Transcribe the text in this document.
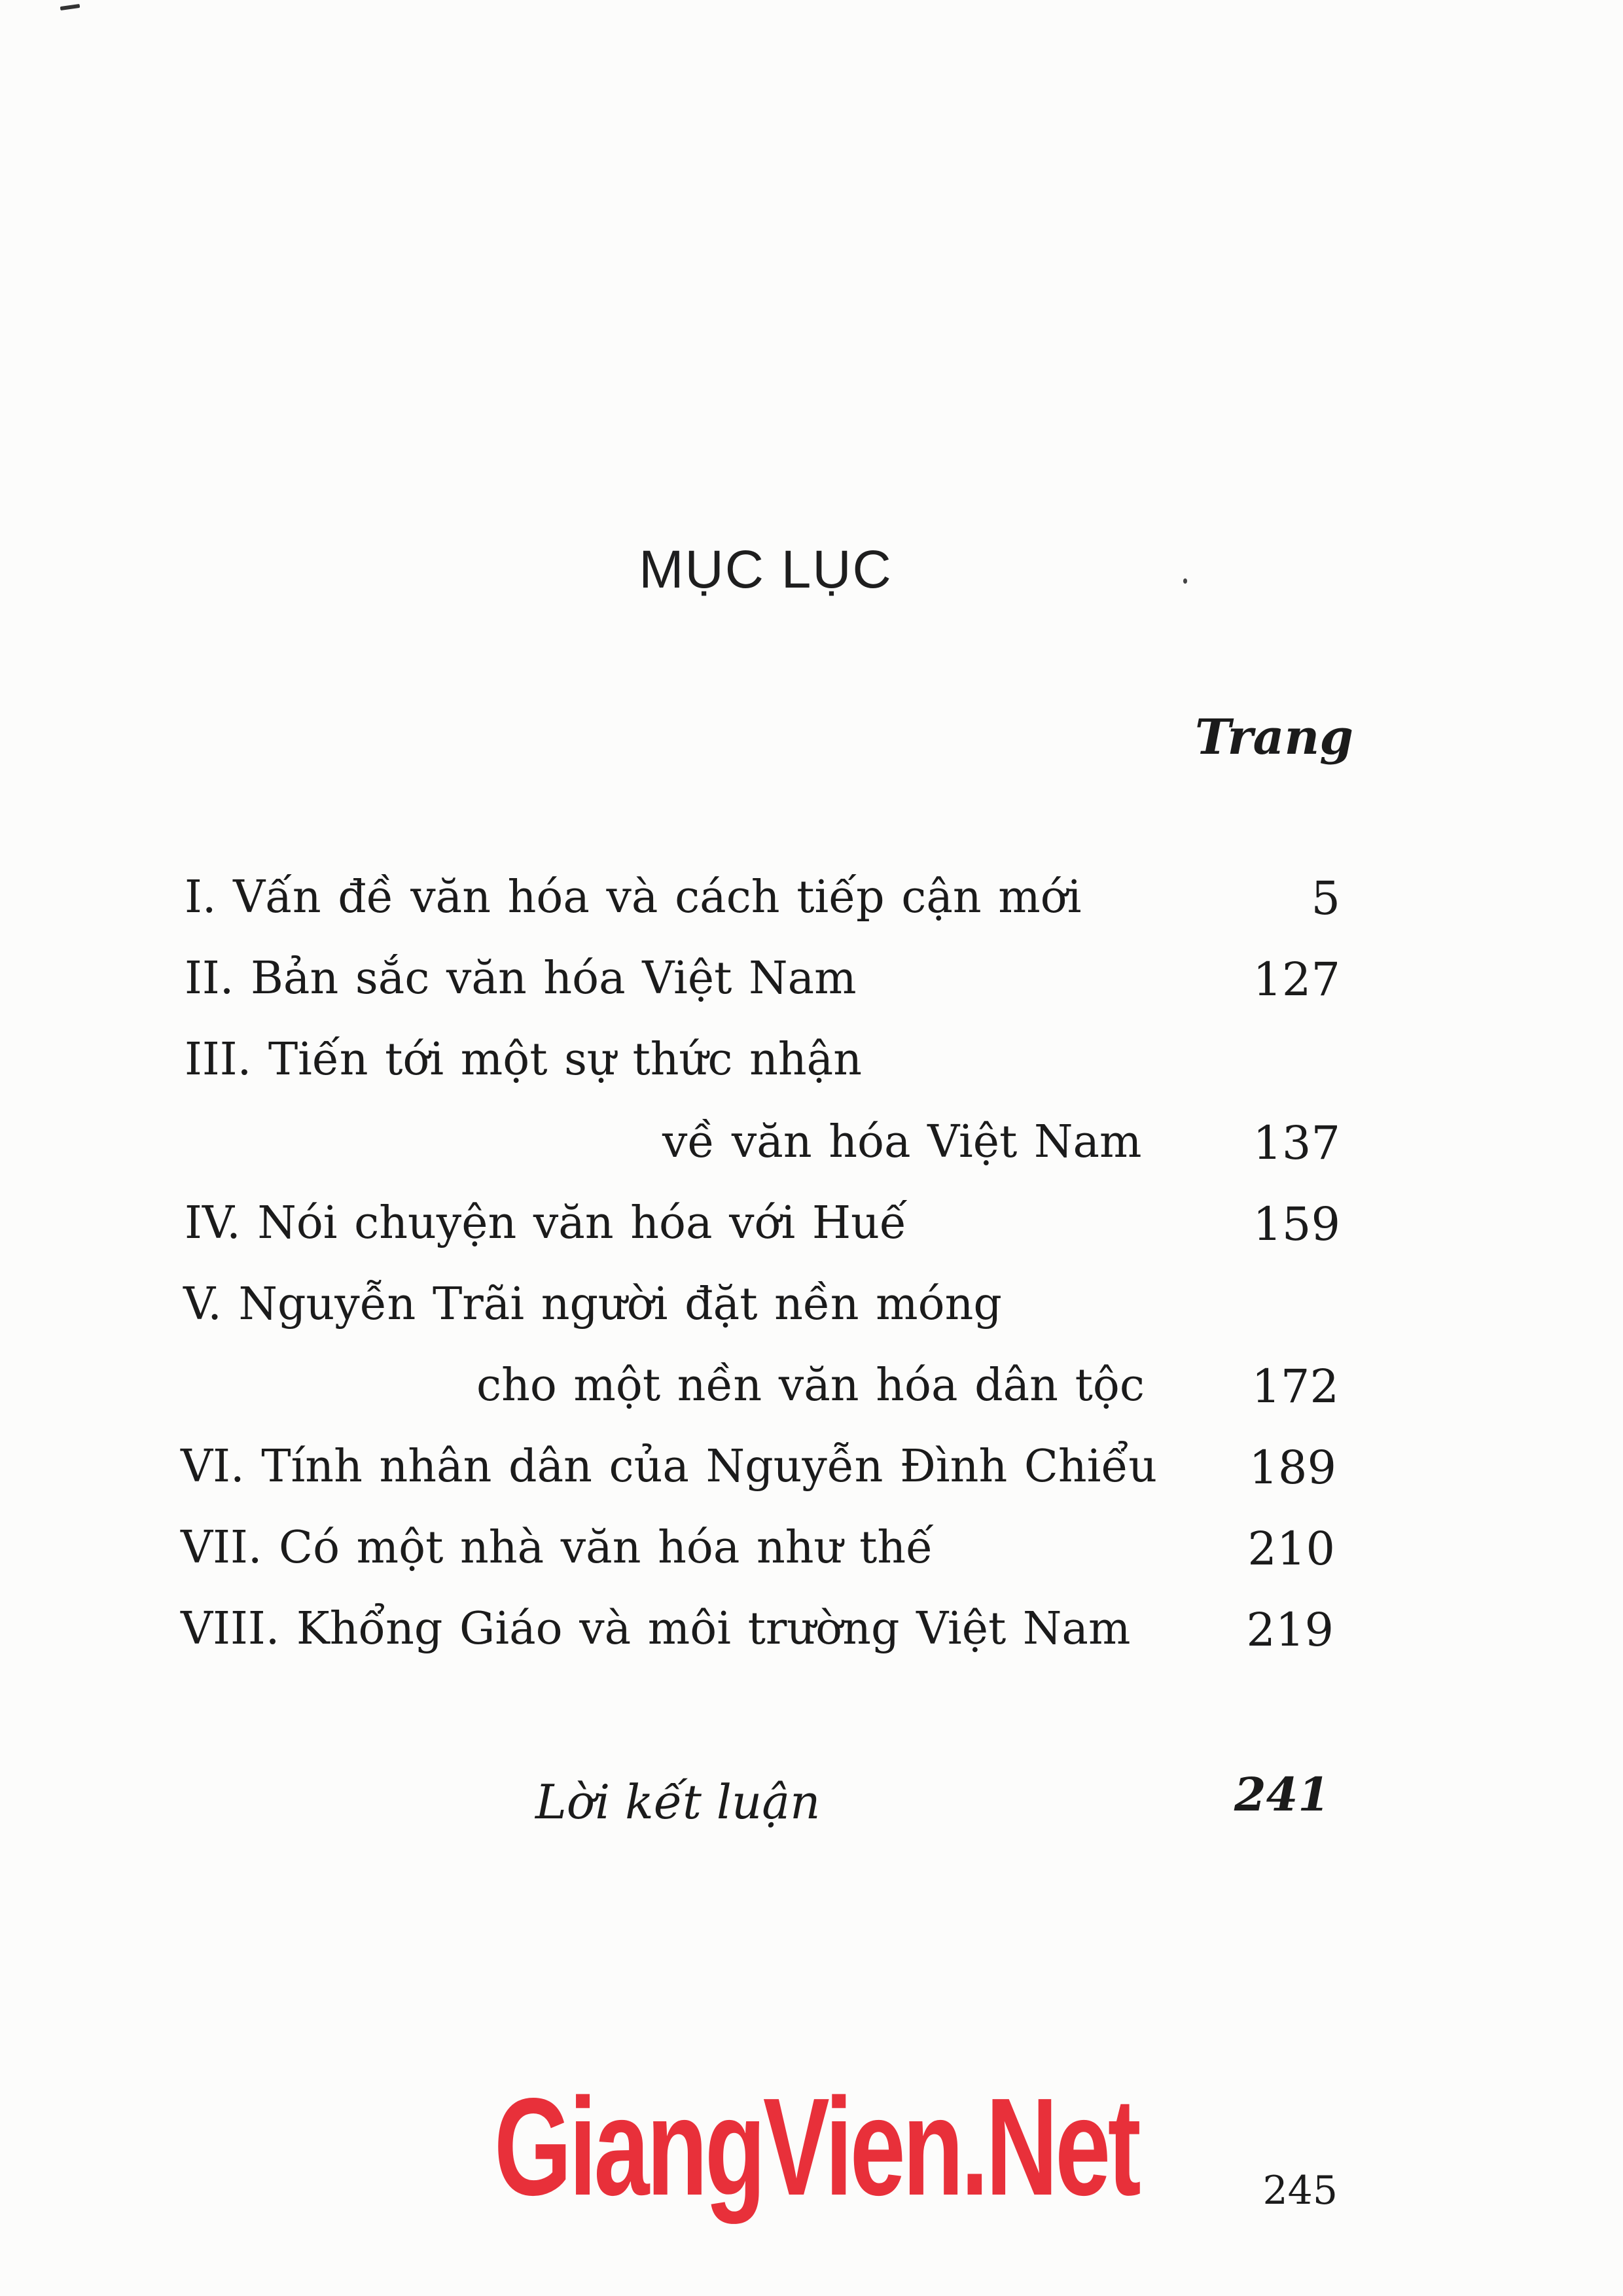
MỤC LỤC
Trang
I. Vấn đề văn hóa và cách tiếp cận mới	5
II. Bản sắc văn hóa Việt Nam	127
III. Tiến tới một sự thức nhận
về văn hóa Việt Nam 137
IV. Nói chuyện văn hóa với Huế	159
V. Nguyễn Trãi người đặt nền móng
cho một nền văn hóa dân tộc 172
VI. Tính nhân dân của Nguyễn Đình Chiểu 189
VII. Có một nhà văn hóa như thế	210
VIII. Khổng Giáo và môi trường Việt Nam	219
Lời kết luận	241
GiangVien.Net	245
